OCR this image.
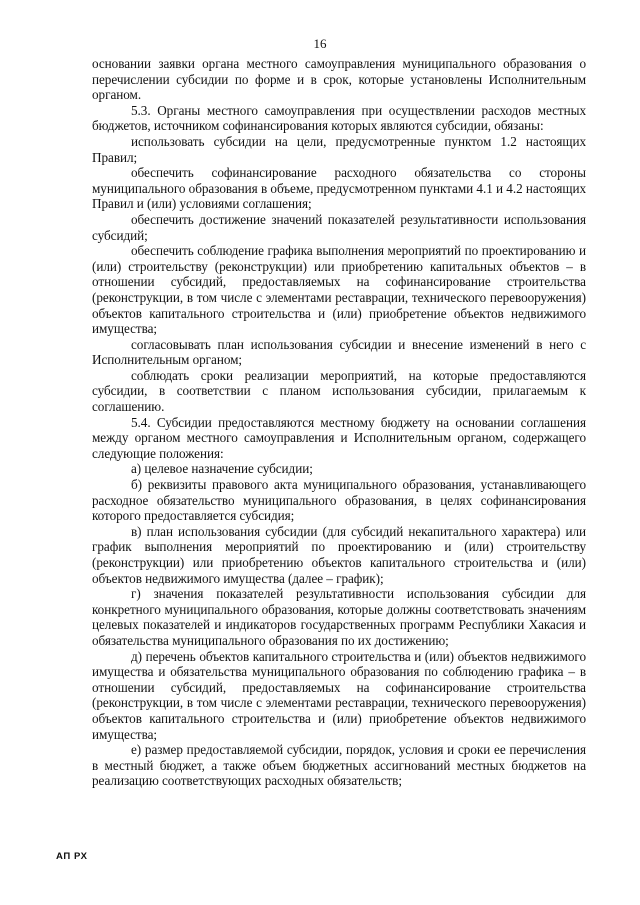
16

основании заявки органа местного самоуправления муниципального образования о перечислении субсидии по форме и в срок, которые установлены Исполнительным органом.

5.3. Органы местного самоуправления при осуществлении расходов местных бюджетов, источником софинансирования которых являются субсидии, обязаны:

использовать субсидии на цели, предусмотренные пунктом 1.2 настоящих Правил;

обеспечить софинансирование расходного обязательства со стороны муниципального образования в объеме, предусмотренном пунктами 4.1 и 4.2 настоящих Правил и (или) условиями соглашения;

обеспечить достижение значений показателей результативности использования субсидий;

обеспечить соблюдение графика выполнения мероприятий по проектированию и (или) строительству (реконструкции) или приобретению капитальных объектов – в отношении субсидий, предоставляемых на софинансирование строительства (реконструкции, в том числе с элементами реставрации, технического перевооружения) объектов капитального строительства и (или) приобретение объектов недвижимого имущества;

согласовывать план использования субсидии и внесение изменений в него с Исполнительным органом;

соблюдать сроки реализации мероприятий, на которые предоставляются субсидии, в соответствии с планом использования субсидии, прилагаемым к соглашению.

5.4. Субсидии предоставляются местному бюджету на основании соглашения между органом местного самоуправления и Исполнительным органом, содержащего следующие положения:

а) целевое назначение субсидии;

б) реквизиты правового акта муниципального образования, устанавливающего расходное обязательство муниципального образования, в целях софинансирования которого предоставляется субсидия;

в) план использования субсидии (для субсидий некапитального характера) или график выполнения мероприятий по проектированию и (или) строительству (реконструкции) или приобретению объектов капитального строительства и (или) объектов недвижимого имущества (далее – график);

г) значения показателей результативности использования субсидии для конкретного муниципального образования, которые должны соответствовать значениям целевых показателей и индикаторов государственных программ Республики Хакасия и обязательства муниципального образования по их достижению;

д) перечень объектов капитального строительства и (или) объектов недвижимого имущества и обязательства муниципального образования по соблюдению графика – в отношении субсидий, предоставляемых на софинансирование строительства (реконструкции, в том числе с элементами реставрации, технического перевооружения) объектов капитального строительства и (или) приобретение объектов недвижимого имущества;

е) размер предоставляемой субсидии, порядок, условия и сроки ее перечисления в местный бюджет, а также объем бюджетных ассигнований местных бюджетов на реализацию соответствующих расходных обязательств;

АП РХ
